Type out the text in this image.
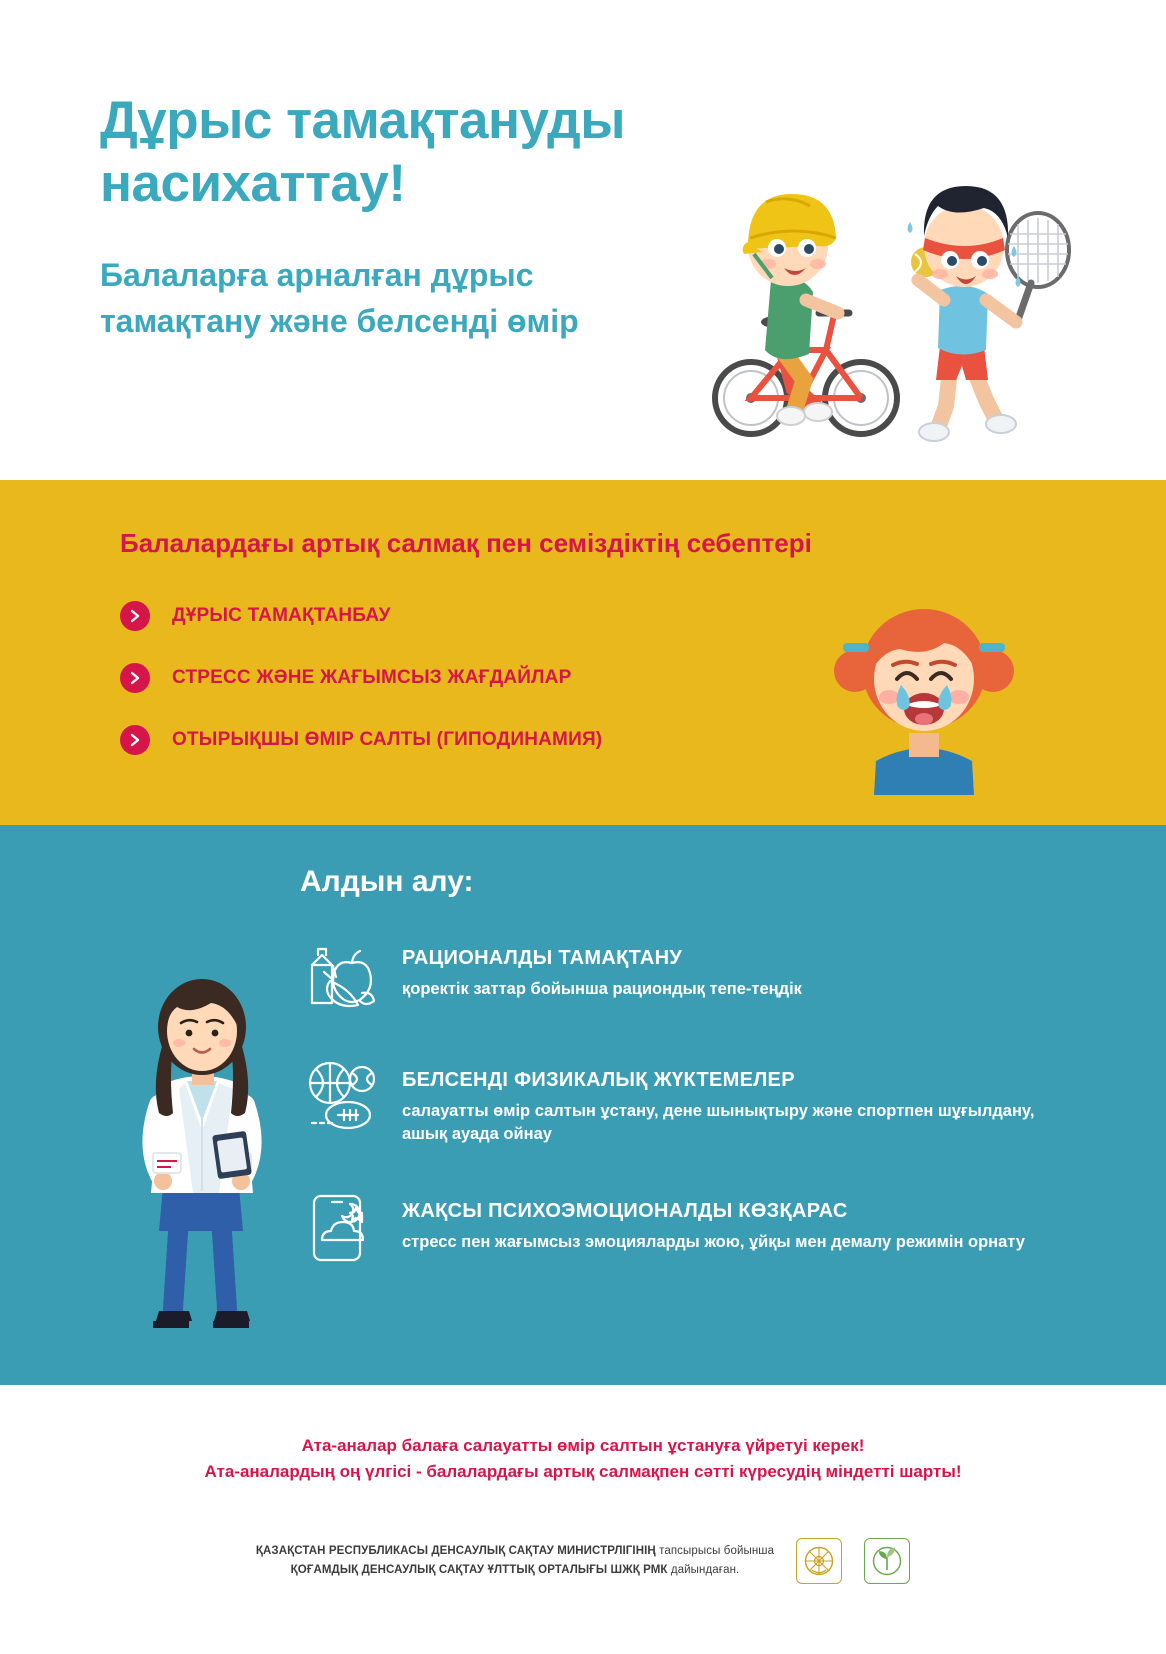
Дұрыс тамақтануды насихаттау!
Балаларға арналған дұрыс тамақтану және белсенді өмір
Балалардағы артық салмақ пен семіздіктің себептері
ДҰРЫС ТАМАҚТАНБАУ
СТРЕСС ЖӘНЕ ЖАҒЫМСЫЗ ЖАҒДАЙЛАР
ОТЫРЫҚШЫ ӨМІР САЛТЫ (ГИПОДИНАМИЯ)
Алдын алу:
РАЦИОНАЛДЫ ТАМАҚТАНУ
қоректік заттар бойынша рациондық тепе-теңдік
БЕЛСЕНДІ ФИЗИКАЛЫҚ ЖҮКТЕМЕЛЕР
салауатты өмір салтын ұстану, дене шынықтыру және спортпен шұғылдану, ашық ауада ойнау
ЖАҚСЫ ПСИХОЭМОЦИОНАЛДЫ КӨЗҚАРАС
стресс пен жағымсыз эмоцияларды жою, ұйқы мен демалу режимін орнату
Ата-аналар балаға салауатты өмір салтын ұстануға үйретуі керек!
Ата-аналардың оң үлгісі - балалардағы артық салмақпен сәтті күресудің міндетті шарты!
ҚАЗАҚСТАН РЕСПУБЛИКАСЫ ДЕНСАУЛЫҚ САҚТАУ МИНИСТРЛІГІНІҢ тапсырысы бойынша
ҚОҒАМДЫҚ ДЕНСАУЛЫҚ САҚТАУ ҰЛТТЫҚ ОРТАЛЫҒЫ ШЖҚ РМК дайындаған.
